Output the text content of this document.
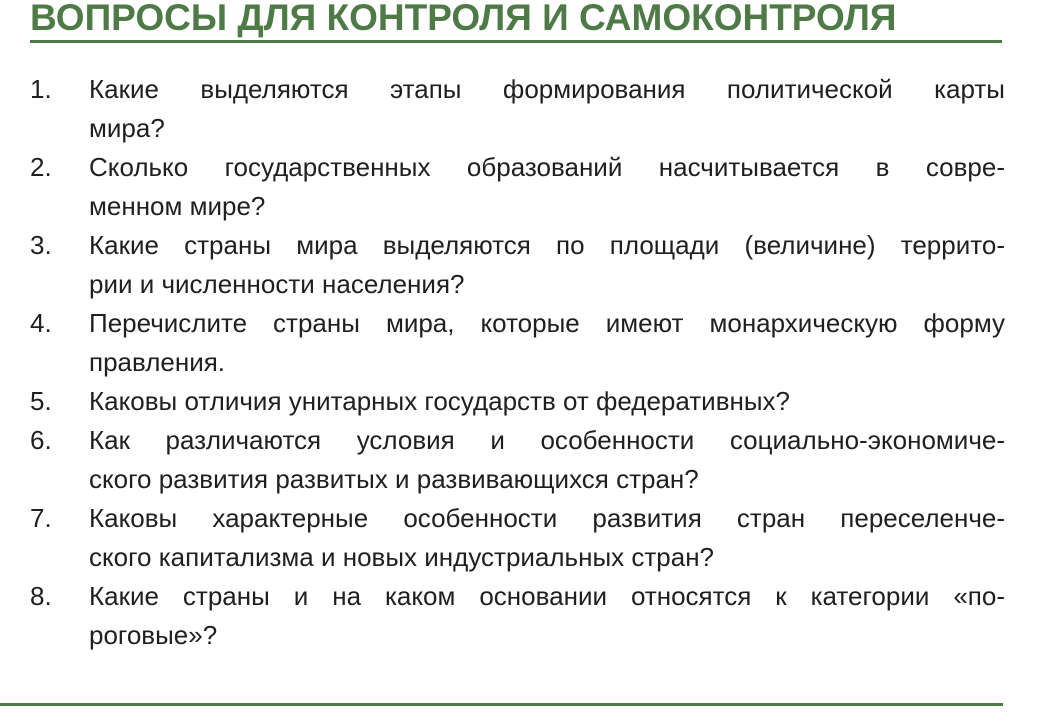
ВОПРОСЫ ДЛЯ КОНТРОЛЯ И САМОКОНТРОЛЯ
1.	Какие выделяются этапы формирования политической карты
мира?
2.	Сколько государственных образований насчитывается в совре-
менном мире?
3.	Какие страны мира выделяются по площади (величине) террито-
рии и численности населения?
4.	Перечислите страны мира, которые имеют монархическую форму
правления.
5.	Каковы отличия унитарных государств от федеративных?
6.	Как различаются условия и особенности социально-экономиче-
ского развития развитых и развивающихся стран?
7.	Каковы характерные особенности развития стран переселенче-
ского капитализма и новых индустриальных стран?
8.	Какие страны и на каком основании относятся к категории «по-
роговые»?
